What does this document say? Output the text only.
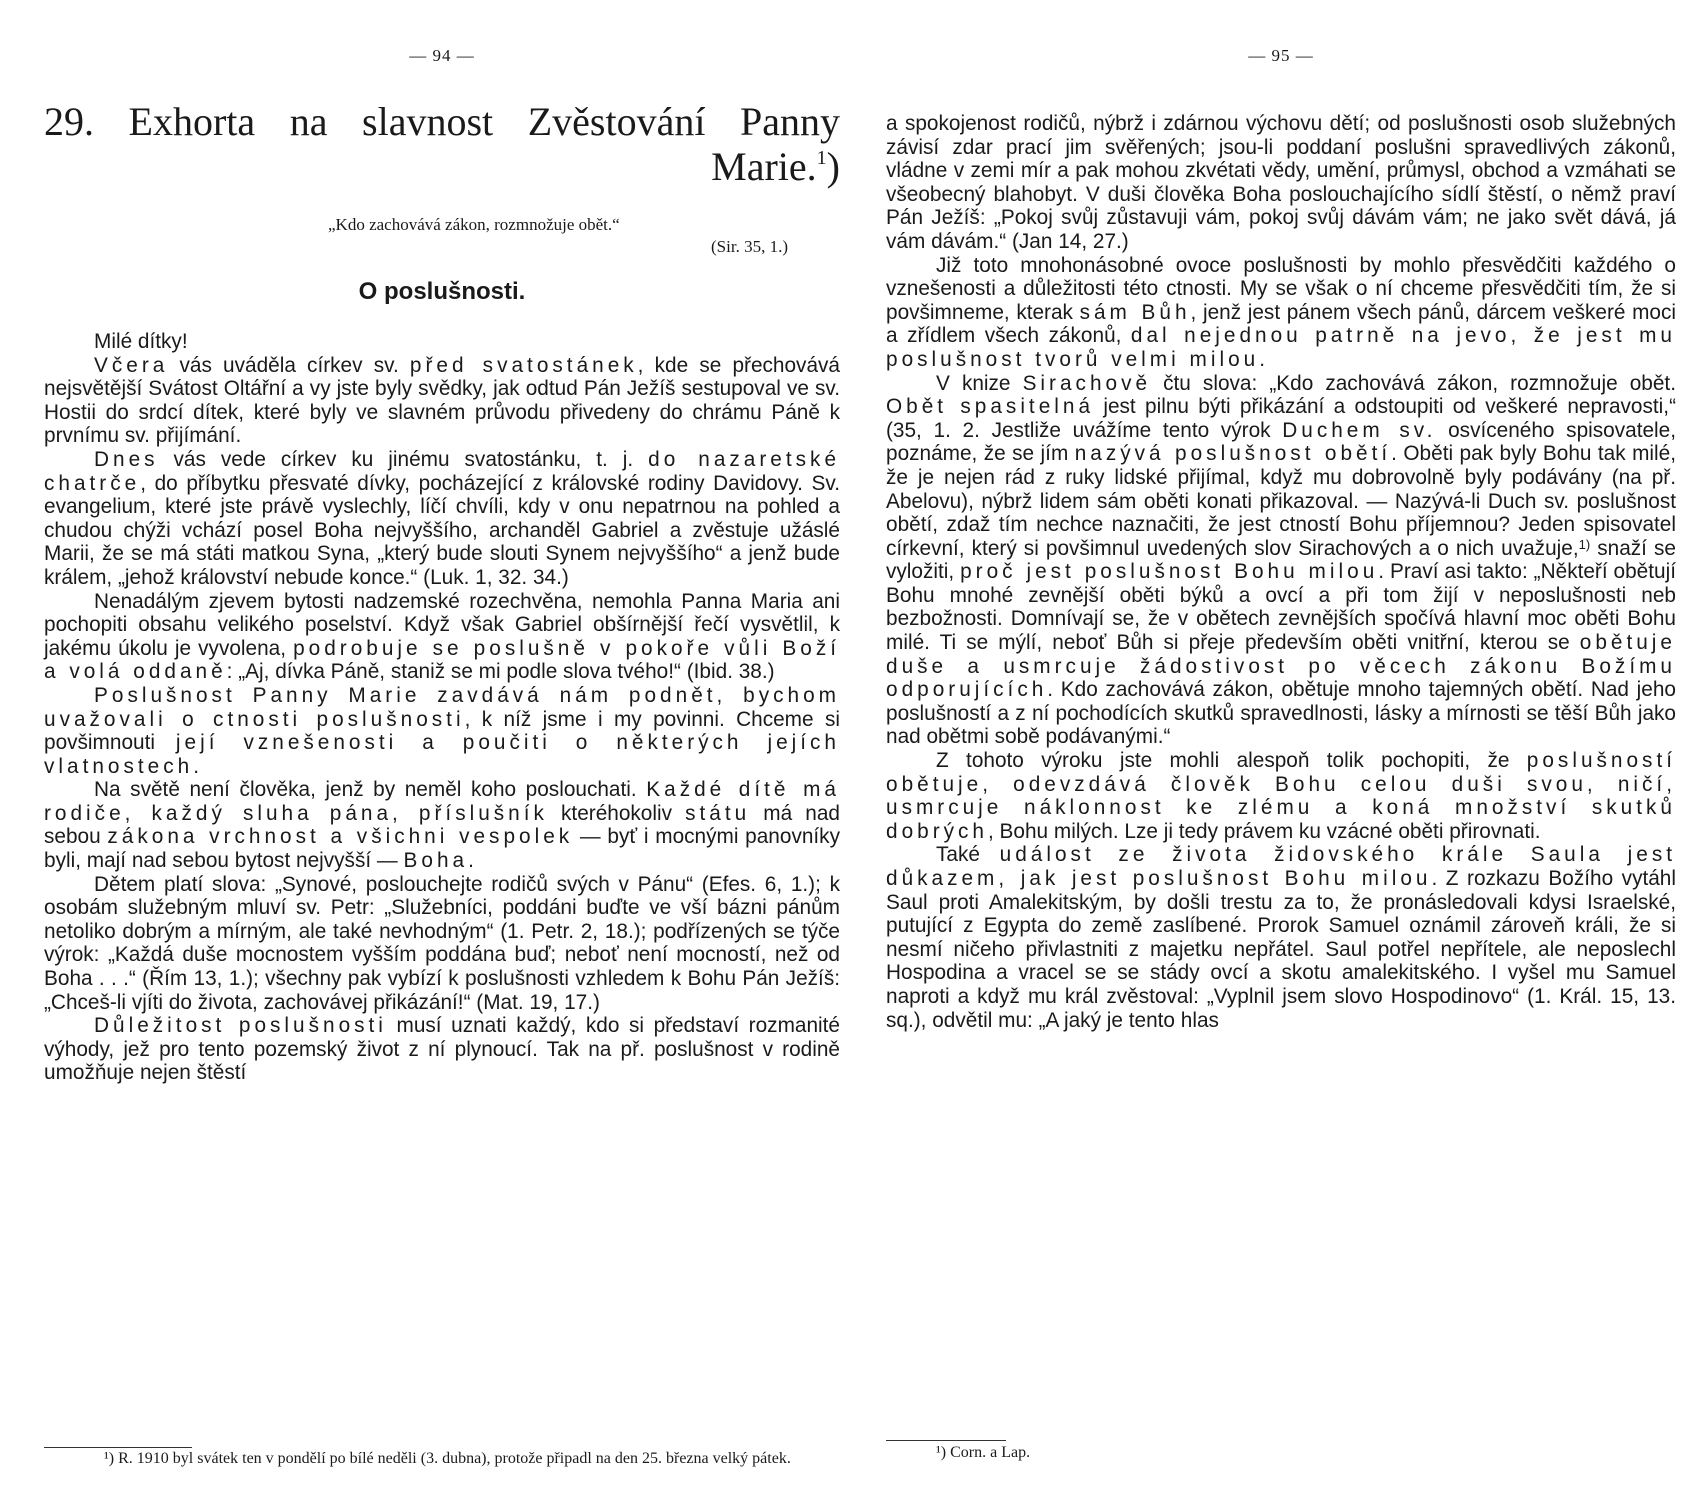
— 94 —
29. Exhorta na slavnost Zvěstování Panny Marie.$^1$)
„Kdo zachovává zákon, rozmnožuje obět.“
(Sir. 35, 1.)
O poslušnosti.

Milé dítky!

Včera vás uváděla církev sv. před svatostánek, kde se přechovává nejsvětější Svátost Oltářní a vy jste byly svědky, jak odtud Pán Ježíš sestupoval ve sv. Hostii do srdcí dítek, které byly ve slavném průvodu přivedeny do chrámu Páně k prvnímu sv. přijímání.

Dnes vás vede církev ku jinému svatostánku, t. j. do nazaretské chatrče, do příbytku přesvaté dívky, pocházející z královské rodiny Davidovy. Sv. evangelium, které jste právě vyslechly, líčí chvíli, kdy v onu nepatrnou na pohled a chudou chýži vchází posel Boha nejvyššího, archanděl Gabriel a zvěstuje užáslé Marii, že se má státi matkou Syna, „který bude slouti Synem nejvyššího“ a jenž bude králem, „jehož království nebude konce.“ (Luk. 1, 32. 34.)

Nenadálým zjevem bytosti nadzemské rozechvěna, nemohla Panna Maria ani pochopiti obsahu velikého poselství. Když však Gabriel obšírnější řečí vysvětlil, k jakému úkolu je vyvolena, podrobuje se poslušně v pokoře vůli Boží a volá oddaně: „Aj, dívka Páně, staniž se mi podle slova tvého!“ (Ibid. 38.)

Poslušnost Panny Marie zavdává nám podnět, bychom uvažovali o ctnosti poslušnosti, k níž jsme i my povinni. Chceme si povšimnouti její vznešenosti a poučiti o některých jejích vlatnostech.

Na světě není člověka, jenž by neměl koho poslouchati. Každé dítě má rodiče, každý sluha pána, příslušník kteréhokoliv státu má nad sebou zákona vrchnost a všichni vespolek — byť i mocnými panovníky byli, mají nad sebou bytost nejvyšší — Boha.

Dětem platí slova: „Synové, poslouchejte rodičů svých v Pánu“ (Efes. 6, 1.); k osobám služebným mluví sv. Petr: „Služebníci, poddáni buďte ve vší bázni pánům netoliko dobrým a mírným, ale také nevhodným“ (1. Petr. 2, 18.); podřízených se týče výrok: „Každá duše mocnostem vyšším poddána buď; neboť není mocností, než od Boha . . .“ (Řím 13, 1.); všechny pak vybízí k poslušnosti vzhledem k Bohu Pán Ježíš: „Chceš-li vjíti do života, zachovávej přikázání!“ (Mat. 19, 17.)

Důležitost poslušnosti musí uznati každý, kdo si představí rozmanité výhody, jež pro tento pozemský život z ní plynoucí. Tak na př. poslušnost v rodině umožňuje nejen štěstí

¹) R. 1910 byl svátek ten v pondělí po bílé neděli (3. dubna), protože připadl na den 25. března velký pátek.
— 95 —

a spokojenost rodičů, nýbrž i zdárnou výchovu dětí; od poslušnosti osob služebných závisí zdar prací jim svěřených; jsou-li poddaní poslušni spravedlivých zákonů, vládne v zemi mír a pak mohou zkvétati vědy, umění, průmysl, obchod a vzmáhati se všeobecný blahobyt. V duši člověka Boha poslouchajícího sídlí štěstí, o němž praví Pán Ježíš: „Pokoj svůj zůstavuji vám, pokoj svůj dávám vám; ne jako svět dává, já vám dávám.“ (Jan 14, 27.)

Již toto mnohonásobné ovoce poslušnosti by mohlo přesvědčiti každého o vznešenosti a důležitosti této ctnosti. My se však o ní chceme přesvědčiti tím, že si povšimneme, kterak sám Bůh, jenž jest pánem všech pánů, dárcem veškeré moci a zřídlem všech zákonů, dal nejednou patrně na jevo, že jest mu poslušnost tvorů velmi milou.

V knize Sirachově čtu slova: „Kdo zachovává zákon, rozmnožuje obět. Obět spasitelná jest pilnu býti přikázání a odstoupiti od veškeré nepravosti,“ (35, 1. 2. Jestliže uvážíme tento výrok Duchem sv. osvíceného spisovatele, poznáme, že se jím nazývá poslušnost obětí. Oběti pak byly Bohu tak milé, že je nejen rád z ruky lidské přijímal, když mu dobrovolně byly podávány (na př. Abelovu), nýbrž lidem sám oběti konati přikazoval. — Nazývá-li Duch sv. poslušnost obětí, zdaž tím nechce naznačiti, že jest ctností Bohu příjemnou? Jeden spisovatel církevní, který si povšimnul uvedených slov Sirachových a o nich uvažuje,$^{1)}$ snaží se vyložiti, proč jest poslušnost Bohu milou. Praví asi takto: „Někteří obětují Bohu mnohé zevnější oběti býků a ovcí a při tom žijí v neposlušnosti neb bezbožnosti. Domnívají se, že v obětech zevnějších spočívá hlavní moc oběti Bohu milé. Ti se mýlí, neboť Bůh si přeje především oběti vnitřní, kterou se obětuje duše a usmrcuje žádostivost po věcech zákonu Božímu odporujících. Kdo zachovává zákon, obětuje mnoho tajemných obětí. Nad jeho poslušností a z ní pochodících skutků spravedlnosti, lásky a mírnosti se těší Bůh jako nad obětmi sobě podávanými.“

Z tohoto výroku jste mohli alespoň tolik pochopiti, že poslušností obětuje, odevzdává člověk Bohu celou duši svou, ničí, usmrcuje náklonnost ke zlému a koná množství skutků dobrých, Bohu milých. Lze ji tedy právem ku vzácné oběti přirovnati.

Také událost ze života židovského krále Saula jest důkazem, jak jest poslušnost Bohu milou. Z rozkazu Božího vytáhl Saul proti Amalekitským, by došli trestu za to, že pronásledovali kdysi Israelské, putující z Egypta do země zaslíbené. Prorok Samuel oznámil zároveň králi, že si nesmí ničeho přivlastniti z majetku nepřátel. Saul potřel nepřítele, ale neposlechl Hospodina a vracel se se stády ovcí a skotu amalekitského. I vyšel mu Samuel naproti a když mu král zvěstoval: „Vyplnil jsem slovo Hospodinovo“ (1. Král. 15, 13. sq.), odvětil mu: „A jaký je tento hlas

¹) Corn. a Lap.
